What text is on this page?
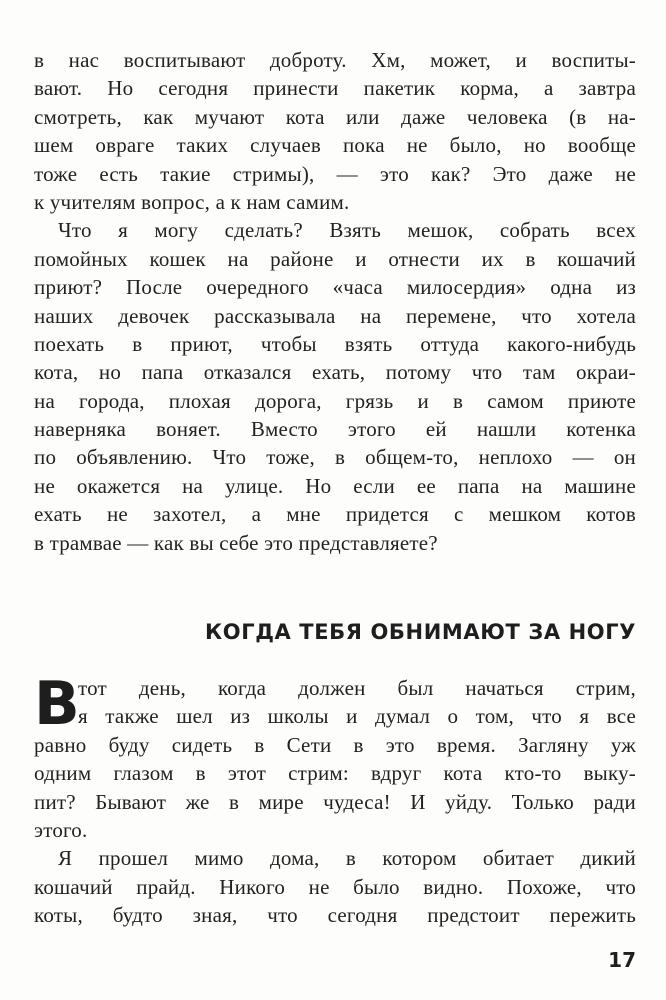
в нас воспитывают доброту. Хм, может, и воспиты-
вают. Но сегодня принести пакетик корма, а завтра
смотреть, как мучают кота или даже человека (в на-
шем овраге таких случаев пока не было, но вообще
тоже есть такие стримы), — это как? Это даже не
к учителям вопрос, а к нам самим.
Что я могу сделать? Взять мешок, собрать всех
помойных кошек на районе и отнести их в кошачий
приют? После очередного «часа милосердия» одна из
наших девочек рассказывала на перемене, что хотела
поехать в приют, чтобы взять оттуда какого-нибудь
кота, но папа отказался ехать, потому что там окраи-
на города, плохая дорога, грязь и в самом приюте
наверняка воняет. Вместо этого ей нашли котенка
по объявлению. Что тоже, в общем-то, неплохо — он
не окажется на улице. Но если ее папа на машине
ехать не захотел, а мне придется с мешком котов
в трамвае — как вы себе это представляете?
КОГДА ТЕБЯ ОБНИМАЮТ ЗА НОГУ
В
тот день, когда должен был начаться стрим,
я также шел из школы и думал о том, что я все
равно буду сидеть в Сети в это время. Загляну уж
одним глазом в этот стрим: вдруг кота кто-то выку-
пит? Бывают же в мире чудеса! И уйду. Только ради
этого.
Я прошел мимо дома, в котором обитает дикий
кошачий прайд. Никого не было видно. Похоже, что
коты, будто зная, что сегодня предстоит пережить
17
